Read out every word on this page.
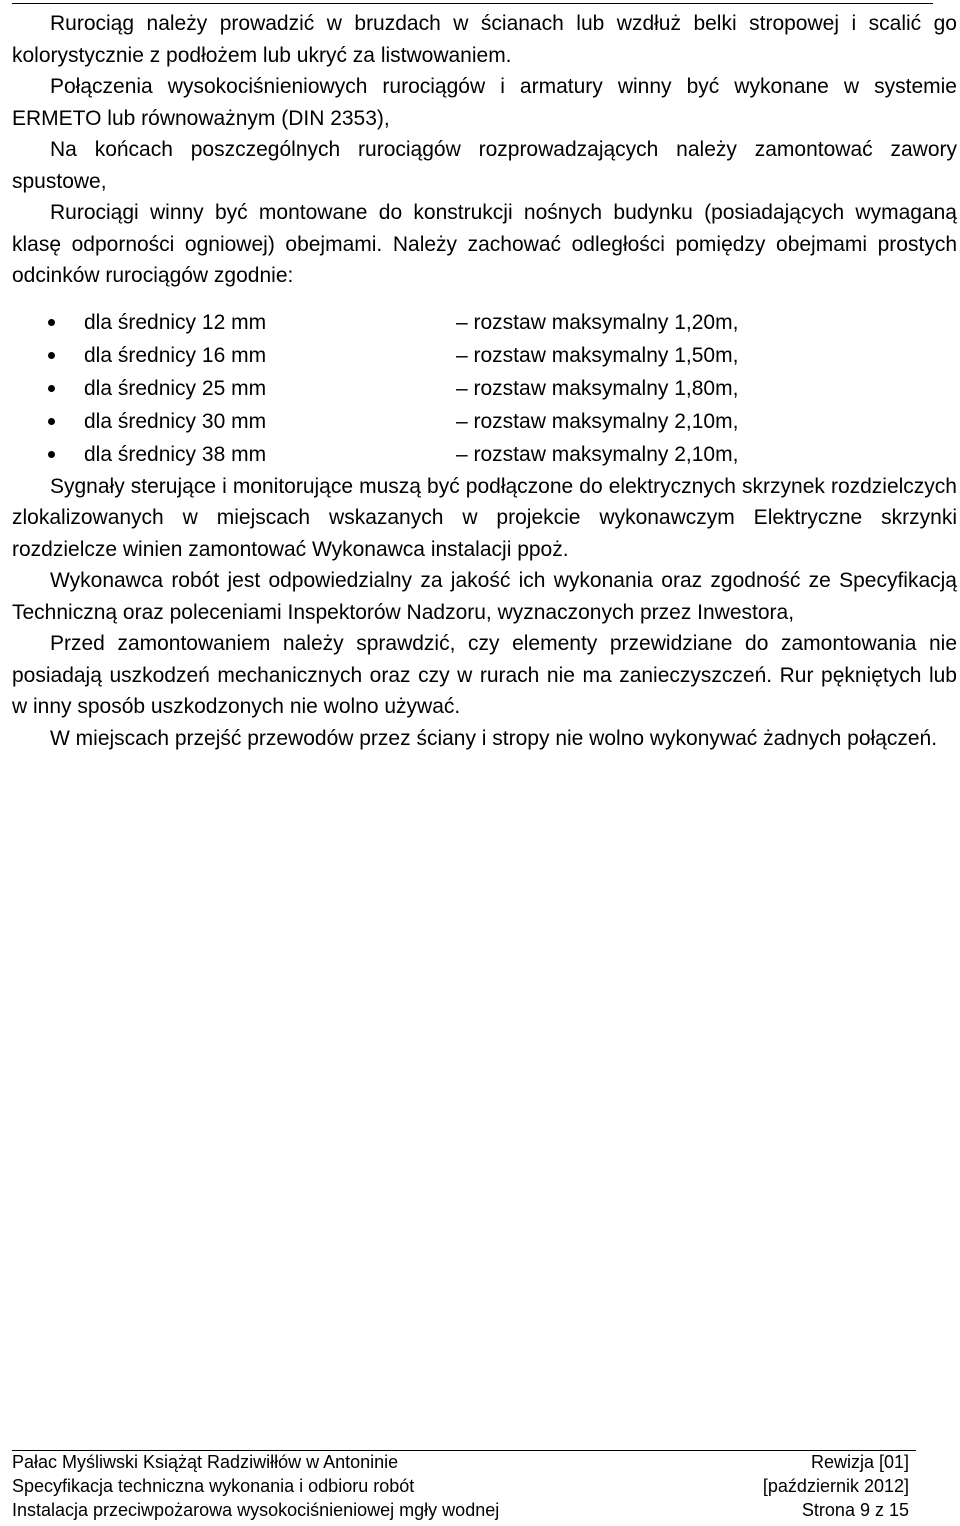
Rurociąg należy prowadzić w bruzdach w ścianach lub wzdłuż belki stropowej i scalić go kolorystycznie z podłożem lub ukryć za listwowaniem.

Połączenia wysokociśnieniowych rurociągów i armatury winny być wykonane w systemie ERMETO lub równoważnym (DIN 2353),

Na końcach poszczególnych rurociągów rozprowadzających należy zamontować zawory spustowe,

Rurociągi winny być montowane do konstrukcji nośnych budynku (posiadających wymaganą klasę odporności ogniowej) obejmami. Należy zachować odległości pomiędzy obejmami prostych odcinków rurociągów zgodnie:

dla średnicy 12 mm	– rozstaw maksymalny 1,20m,
dla średnicy 16 mm	– rozstaw maksymalny 1,50m,
dla średnicy 25 mm	– rozstaw maksymalny 1,80m,
dla średnicy 30 mm	– rozstaw maksymalny 2,10m,
dla średnicy 38 mm	– rozstaw maksymalny 2,10m,

Sygnały sterujące i monitorujące muszą być podłączone do elektrycznych skrzynek rozdzielczych zlokalizowanych w miejscach wskazanych w projekcie wykonawczym Elektryczne skrzynki rozdzielcze winien zamontować Wykonawca instalacji ppoż.

Wykonawca robót jest odpowiedzialny za jakość ich wykonania oraz zgodność ze Specyfikacją Techniczną oraz poleceniami Inspektorów Nadzoru, wyznaczonych przez Inwestora,

Przed zamontowaniem należy sprawdzić, czy elementy przewidziane do zamontowania nie posiadają uszkodzeń mechanicznych oraz czy w rurach nie ma zanieczyszczeń. Rur pękniętych lub w inny sposób uszkodzonych nie wolno używać.

W miejscach przejść przewodów przez ściany i stropy nie wolno wykonywać żadnych połączeń.

Pałac Myśliwski Książąt Radziwiłłów w Antoninie	Rewizja [01]
Specyfikacja techniczna wykonania i odbioru robót	[październik 2012]
Instalacja przeciwpożarowa wysokociśnieniowej mgły wodnej	Strona 9 z 15
